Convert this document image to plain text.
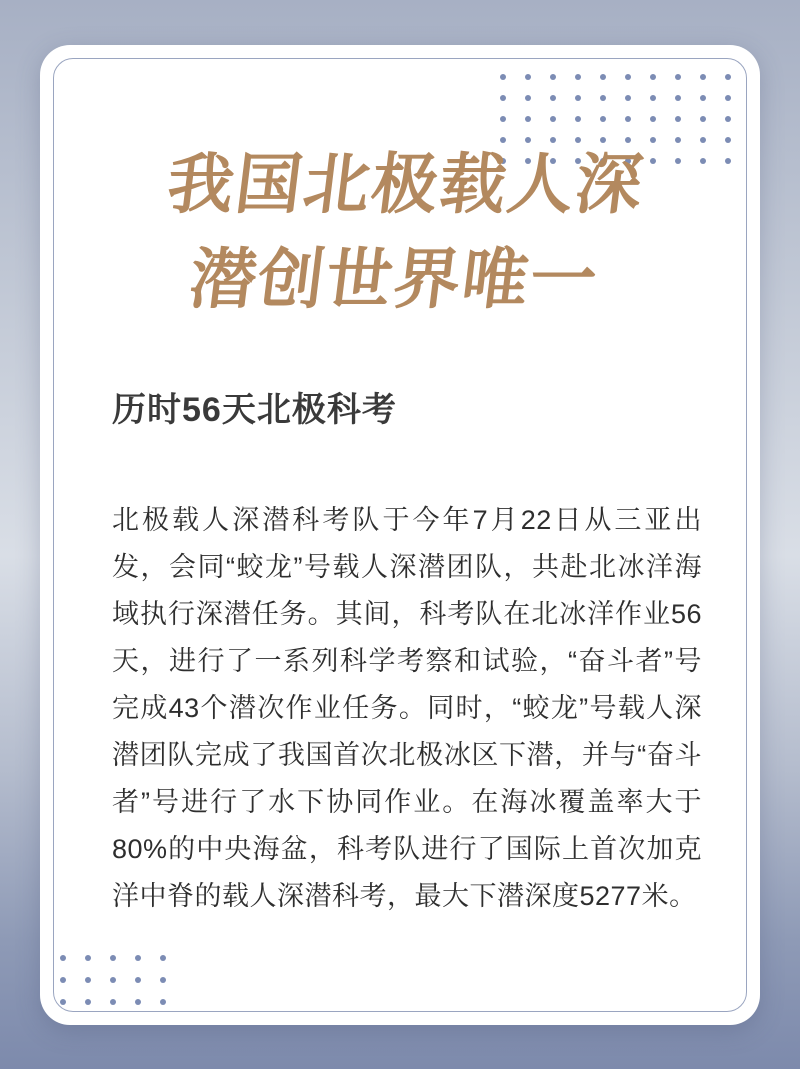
我国北极载人深
潜创世界唯一
历时56天北极科考

北极载人深潜科考队于今年7月22日从三亚出发，会同“蛟龙”号载人深潜团队，共赴北冰洋海域执行深潜任务。其间，科考队在北冰洋作业56天，进行了一系列科学考察和试验，“奋斗者”号完成43个潜次作业任务。同时，“蛟龙”号载人深潜团队完成了我国首次北极冰区下潜，并与“奋斗者”号进行了水下协同作业。在海冰覆盖率大于80%的中央海盆，科考队进行了国际上首次加克洋中脊的载人深潜科考，最大下潜深度5277米。
